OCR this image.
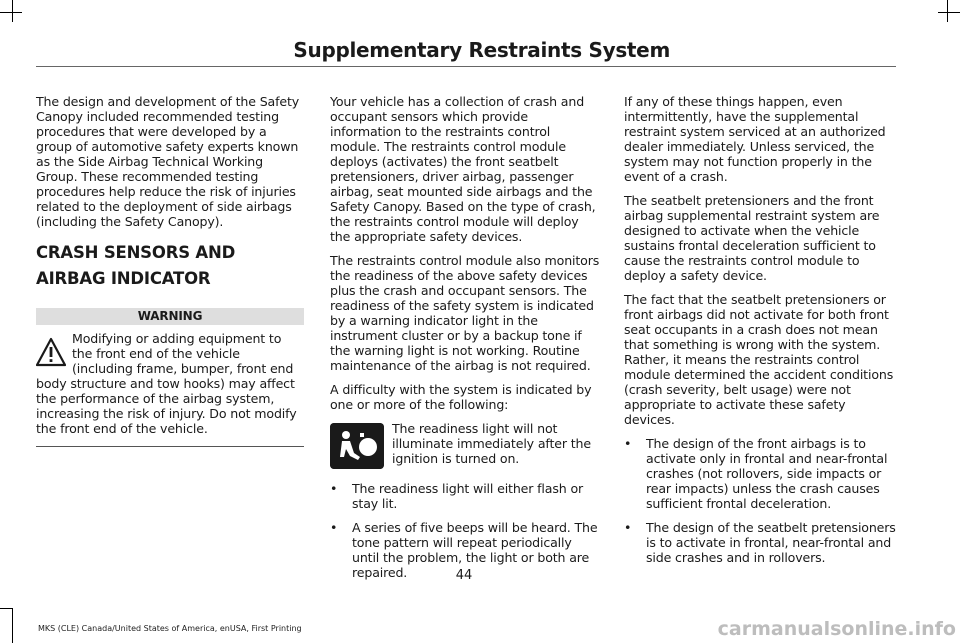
Supplementary Restraints System

The design and development of the Safety Canopy included recommended testing procedures that were developed by a group of automotive safety experts known as the Side Airbag Technical Working Group. These recommended testing procedures help reduce the risk of injuries related to the deployment of side airbags (including the Safety Canopy).

CRASH SENSORS AND AIRBAG INDICATOR
WARNING
Modifying or adding equipment to the front end of the vehicle (including frame, bumper, front end body structure and tow hooks) may affect the performance of the airbag system, increasing the risk of injury. Do not modify the front end of the vehicle.

Your vehicle has a collection of crash and occupant sensors which provide information to the restraints control module. The restraints control module deploys (activates) the front seatbelt pretensioners, driver airbag, passenger airbag, seat mounted side airbags and the Safety Canopy. Based on the type of crash, the restraints control module will deploy the appropriate safety devices.

The restraints control module also monitors the readiness of the above safety devices plus the crash and occupant sensors. The readiness of the safety system is indicated by a warning indicator light in the instrument cluster or by a backup tone if the warning light is not working. Routine maintenance of the airbag is not required.

A difficulty with the system is indicated by one or more of the following:

The readiness light will not illuminate immediately after the ignition is turned on.
•	The readiness light will either flash or stay lit.
•	A series of five beeps will be heard. The tone pattern will repeat periodically until the problem, the light or both are repaired.

If any of these things happen, even intermittently, have the supplemental restraint system serviced at an authorized dealer immediately. Unless serviced, the system may not function properly in the event of a crash.

The seatbelt pretensioners and the front airbag supplemental restraint system are designed to activate when the vehicle sustains frontal deceleration sufficient to cause the restraints control module to deploy a safety device.

The fact that the seatbelt pretensioners or front airbags did not activate for both front seat occupants in a crash does not mean that something is wrong with the system. Rather, it means the restraints control module determined the accident conditions (crash severity, belt usage) were not appropriate to activate these safety devices.

•	The design of the front airbags is to activate only in frontal and near-frontal crashes (not rollovers, side impacts or rear impacts) unless the crash causes sufficient frontal deceleration.
•	The design of the seatbelt pretensioners is to activate in frontal, near-frontal and side crashes and in rollovers.
44
MKS (CLE) Canada/United States of America, enUSA, First Printing	carmanualsonline.info
